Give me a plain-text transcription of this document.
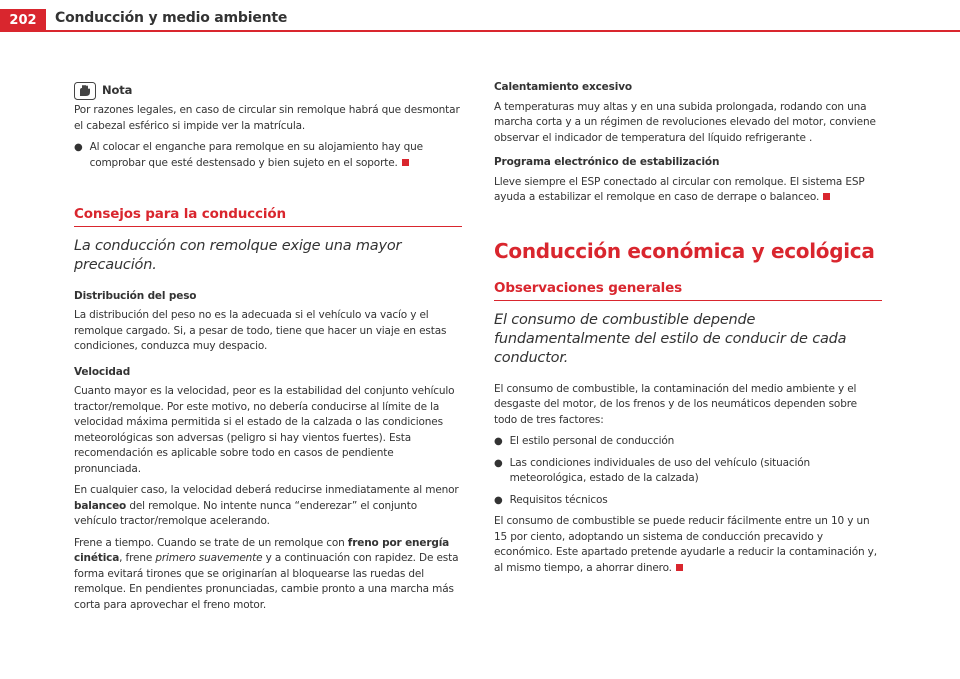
202	Conducción y medio ambiente
Nota

Por razones legales, en caso de circular sin remolque habrá que desmontar el cabezal esférico si impide ver la matrícula.

● Al colocar el enganche para remolque en su alojamiento hay que comprobar que esté destensado y bien sujeto en el soporte.
Consejos para la conducción
La conducción con remolque exige una mayor precaución.
Distribución del peso

La distribución del peso no es la adecuada si el vehículo va vacío y el remolque cargado. Si, a pesar de todo, tiene que hacer un viaje en estas condiciones, conduzca muy despacio.

Velocidad

Cuanto mayor es la velocidad, peor es la estabilidad del conjunto vehículo tractor/remolque. Por este motivo, no debería conducirse al límite de la velocidad máxima permitida si el estado de la calzada o las condiciones meteorológicas son adversas (peligro si hay vientos fuertes). Esta recomendación es aplicable sobre todo en casos de pendiente pronunciada.

En cualquier caso, la velocidad deberá reducirse inmediatamente al menor balanceo del remolque. No intente nunca “enderezar” el conjunto vehículo tractor/remolque acelerando.

Frene a tiempo. Cuando se trate de un remolque con freno por energía cinética, frene primero suavemente y a continuación con rapidez. De esta forma evitará tirones que se originarían al bloquearse las ruedas del remolque. En pendientes pronunciadas, cambie pronto a una marcha más corta para aprovechar el freno motor.

Calentamiento excesivo

A temperaturas muy altas y en una subida prolongada, rodando con una marcha corta y a un régimen de revoluciones elevado del motor, conviene observar el indicador de temperatura del líquido refrigerante .

Programa electrónico de estabilización

Lleve siempre el ESP conectado al circular con remolque. El sistema ESP ayuda a estabilizar el remolque en caso de derrape o balanceo.

Conducción económica y ecológica
Observaciones generales
El consumo de combustible depende fundamentalmente del estilo de conducir de cada conductor.

El consumo de combustible, la contaminación del medio ambiente y el desgaste del motor, de los frenos y de los neumáticos dependen sobre todo de tres factores:

● El estilo personal de conducción
● Las condiciones individuales de uso del vehículo (situación meteorológica, estado de la calzada)
● Requisitos técnicos

El consumo de combustible se puede reducir fácilmente entre un 10 y un 15 por ciento, adoptando un sistema de conducción precavido y económico. Este apartado pretende ayudarle a reducir la contaminación y, al mismo tiempo, a ahorrar dinero.
